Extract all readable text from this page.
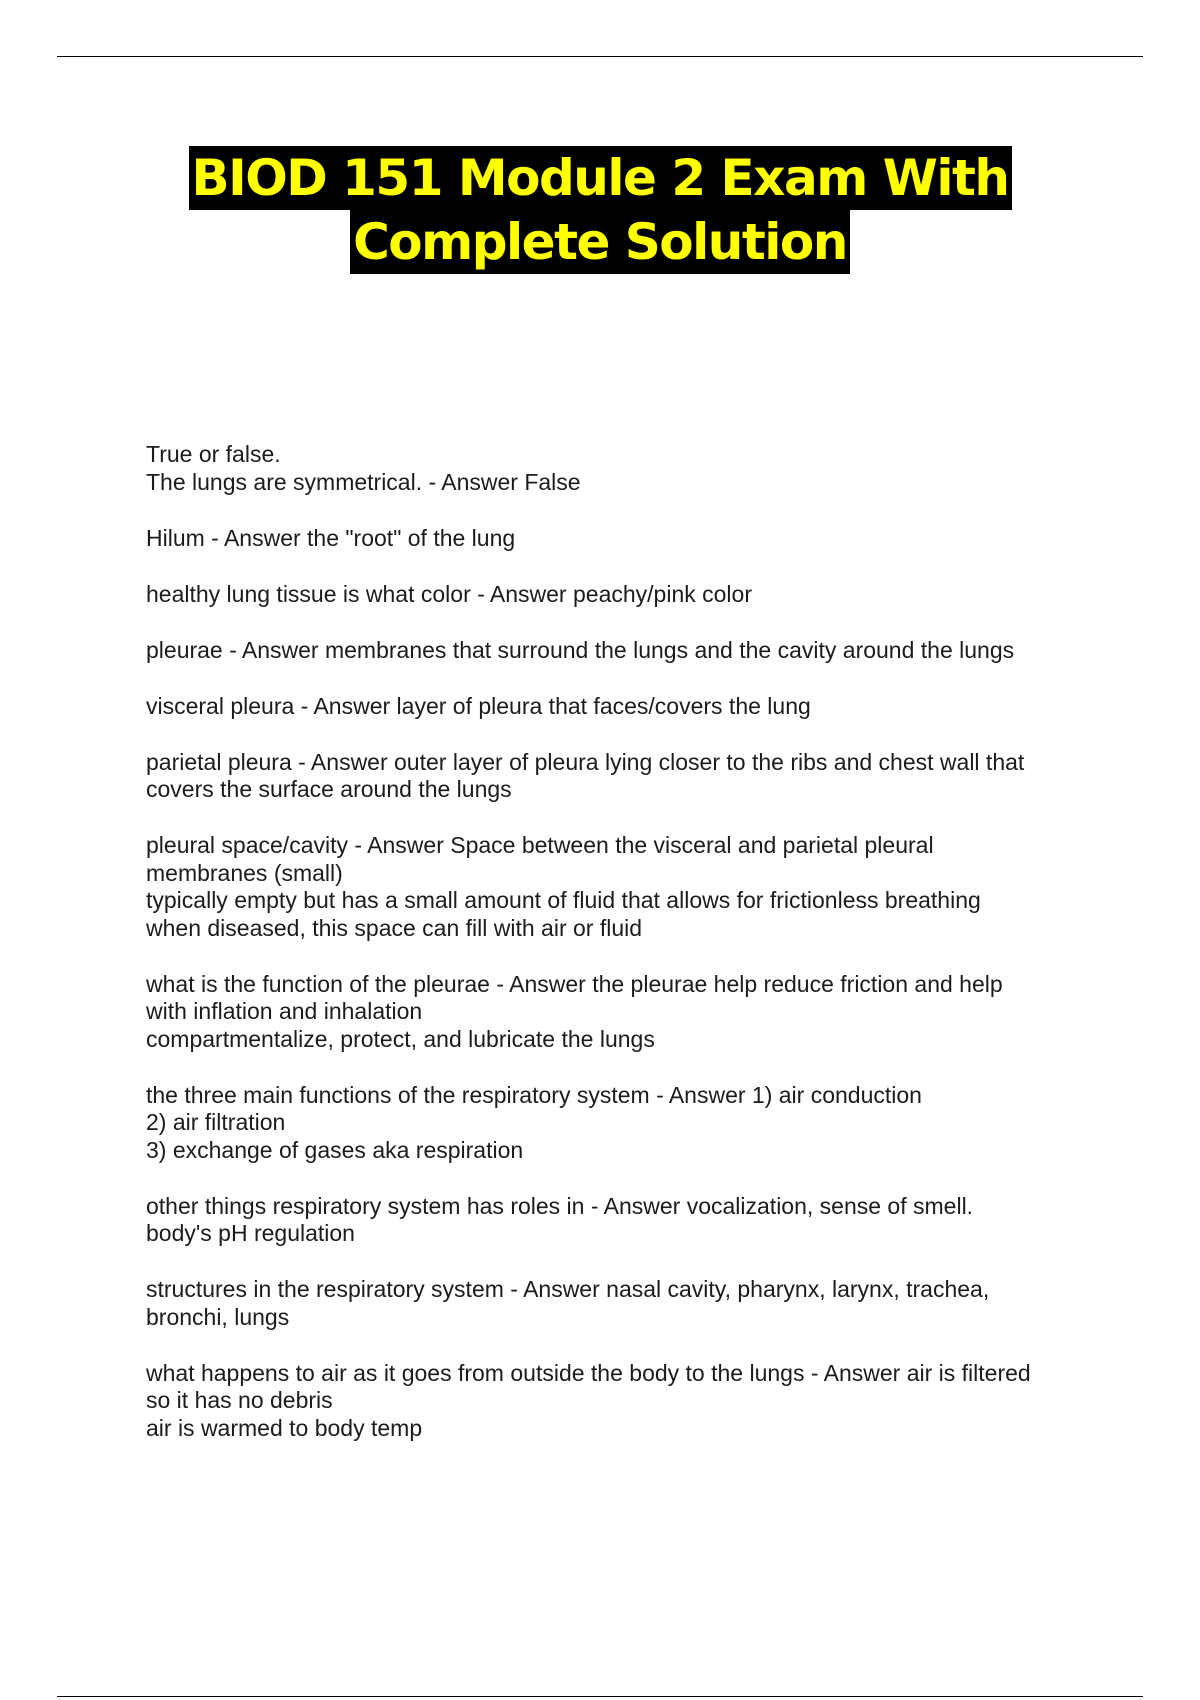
BIOD 151 Module 2 Exam With
Complete Solution
True or false.
The lungs are symmetrical. - Answer False
Hilum - Answer the "root" of the lung
healthy lung tissue is what color - Answer peachy/pink color
pleurae - Answer membranes that surround the lungs and the cavity around the lungs
visceral pleura - Answer layer of pleura that faces/covers the lung
parietal pleura - Answer outer layer of pleura lying closer to the ribs and chest wall that
covers the surface around the lungs
pleural space/cavity - Answer Space between the visceral and parietal pleural
membranes (small)
typically empty but has a small amount of fluid that allows for frictionless breathing
when diseased, this space can fill with air or fluid
what is the function of the pleurae - Answer the pleurae help reduce friction and help
with inflation and inhalation
compartmentalize, protect, and lubricate the lungs
the three main functions of the respiratory system - Answer 1) air conduction
2) air filtration
3) exchange of gases aka respiration
other things respiratory system has roles in - Answer vocalization, sense of smell.
body's pH regulation
structures in the respiratory system - Answer nasal cavity, pharynx, larynx, trachea,
bronchi, lungs
what happens to air as it goes from outside the body to the lungs - Answer air is filtered
so it has no debris
air is warmed to body temp
